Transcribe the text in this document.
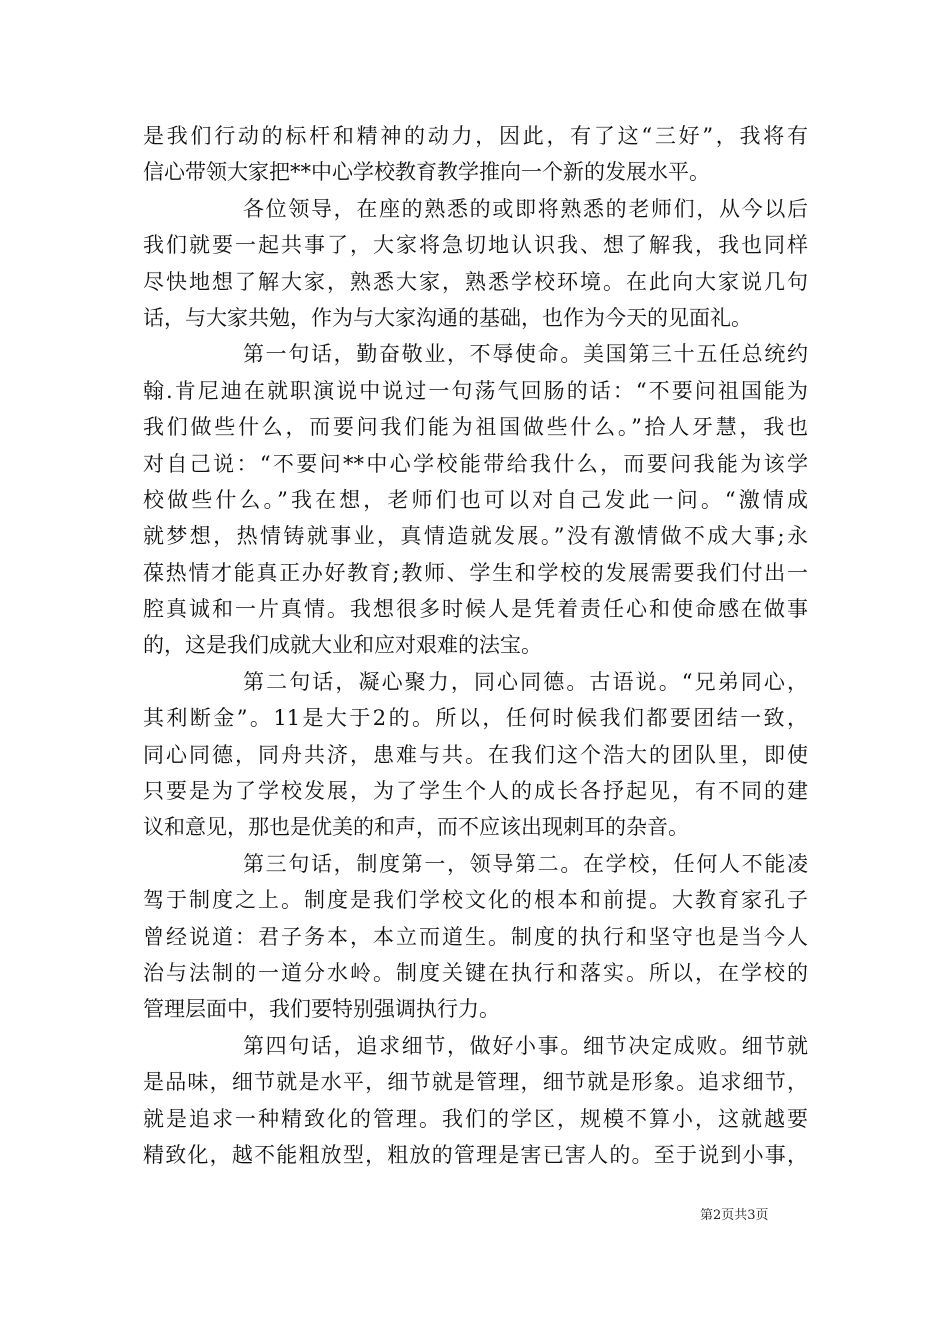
是我们行动的标杆和精神的动力，因此，有了这“三好”，我将有
信心带领大家把**中心学校教育教学推向一个新的发展水平。
各位领导，在座的熟悉的或即将熟悉的老师们，从今以后
我们就要一起共事了，大家将急切地认识我、想了解我，我也同样
尽快地想了解大家，熟悉大家，熟悉学校环境。在此向大家说几句
话，与大家共勉，作为与大家沟通的基础，也作为今天的见面礼。
第一句话，勤奋敬业，不辱使命。美国第三十五任总统约
翰.肯尼迪在就职演说中说过一句荡气回肠的话：“不要问祖国能为
我们做些什么，而要问我们能为祖国做些什么。”拾人牙慧，我也
对自己说：“不要问**中心学校能带给我什么，而要问我能为该学
校做些什么。”我在想，老师们也可以对自己发此一问。“激情成
就梦想，热情铸就事业，真情造就发展。”没有激情做不成大事;永
葆热情才能真正办好教育;教师、学生和学校的发展需要我们付出一
腔真诚和一片真情。我想很多时候人是凭着责任心和使命感在做事
的，这是我们成就大业和应对艰难的法宝。
第二句话，凝心聚力，同心同德。古语说。“兄弟同心，
其利断金”。11是大于2的。所以，任何时候我们都要团结一致，
同心同德，同舟共济，患难与共。在我们这个浩大的团队里，即使
只要是为了学校发展，为了学生个人的成长各抒起见，有不同的建
议和意见，那也是优美的和声，而不应该出现刺耳的杂音。
第三句话，制度第一，领导第二。在学校，任何人不能凌
驾于制度之上。制度是我们学校文化的根本和前提。大教育家孔子
曾经说道：君子务本，本立而道生。制度的执行和坚守也是当今人
治与法制的一道分水岭。制度关键在执行和落实。所以，在学校的
管理层面中，我们要特别强调执行力。
第四句话，追求细节，做好小事。细节决定成败。细节就
是品味，细节就是水平，细节就是管理，细节就是形象。追求细节，
就是追求一种精致化的管理。我们的学区，规模不算小，这就越要
精致化，越不能粗放型，粗放的管理是害已害人的。至于说到小事，
第2页共3页
